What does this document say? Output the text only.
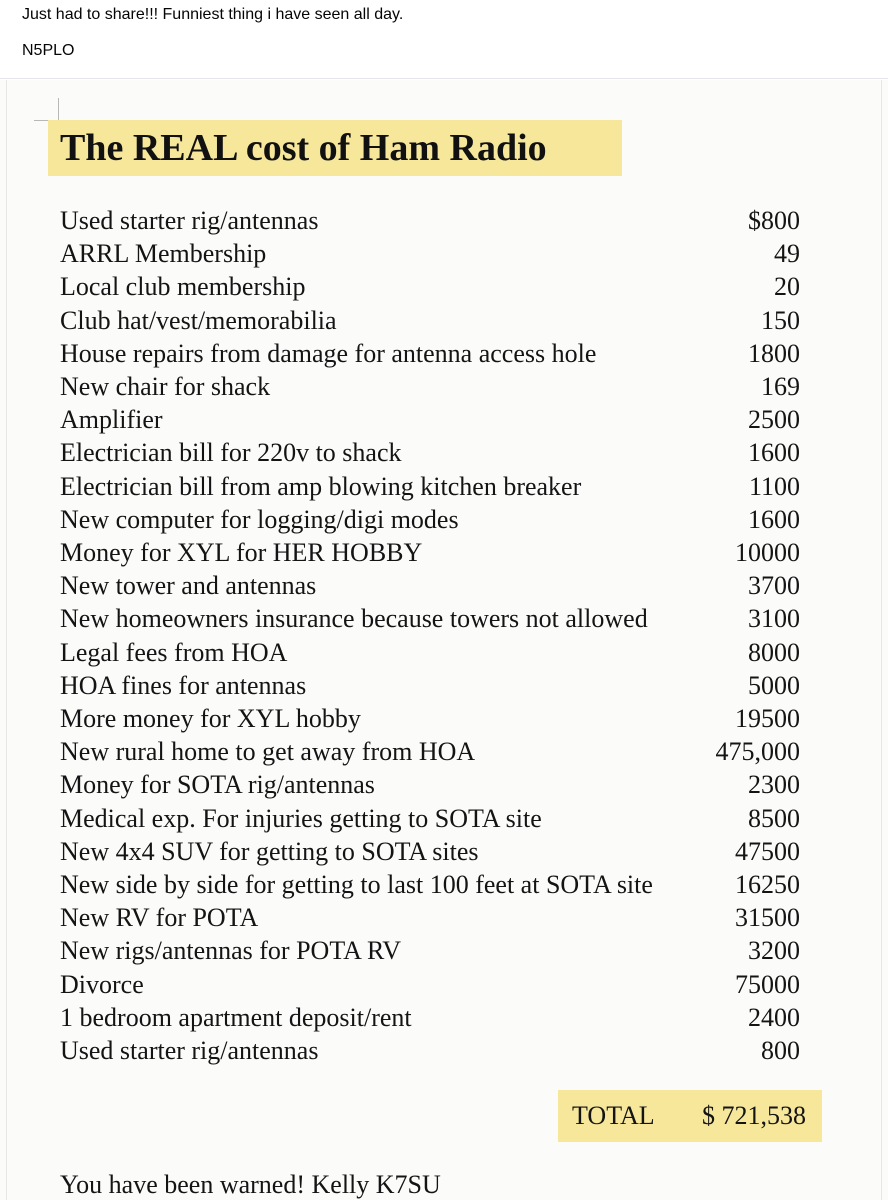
Just had to share!!! Funniest thing i have seen all day.
N5PLO
The REAL cost of Ham Radio
Used starter rig/antennas	$800
ARRL Membership	49
Local club membership	20
Club hat/vest/memorabilia	150
House repairs from damage for antenna access hole	1800
New chair for shack	169
Amplifier	2500
Electrician bill for 220v to shack	1600
Electrician bill from amp blowing kitchen breaker	1100
New computer for logging/digi modes	1600
Money for XYL for HER HOBBY	10000
New tower and antennas	3700
New homeowners insurance because towers not allowed	3100
Legal fees from HOA	8000
HOA fines for antennas	5000
More money for XYL hobby	19500
New rural home to get away from HOA	475,000
Money for SOTA rig/antennas	2300
Medical exp. For injuries getting to SOTA site	8500
New 4x4 SUV for getting to SOTA sites	47500
New side by side for getting to last 100 feet at SOTA site	16250
New RV for POTA	31500
New rigs/antennas for POTA RV	3200
Divorce	75000
1 bedroom apartment deposit/rent	2400
Used starter rig/antennas	800
TOTAL $ 721,538
You have been warned! Kelly K7SU
